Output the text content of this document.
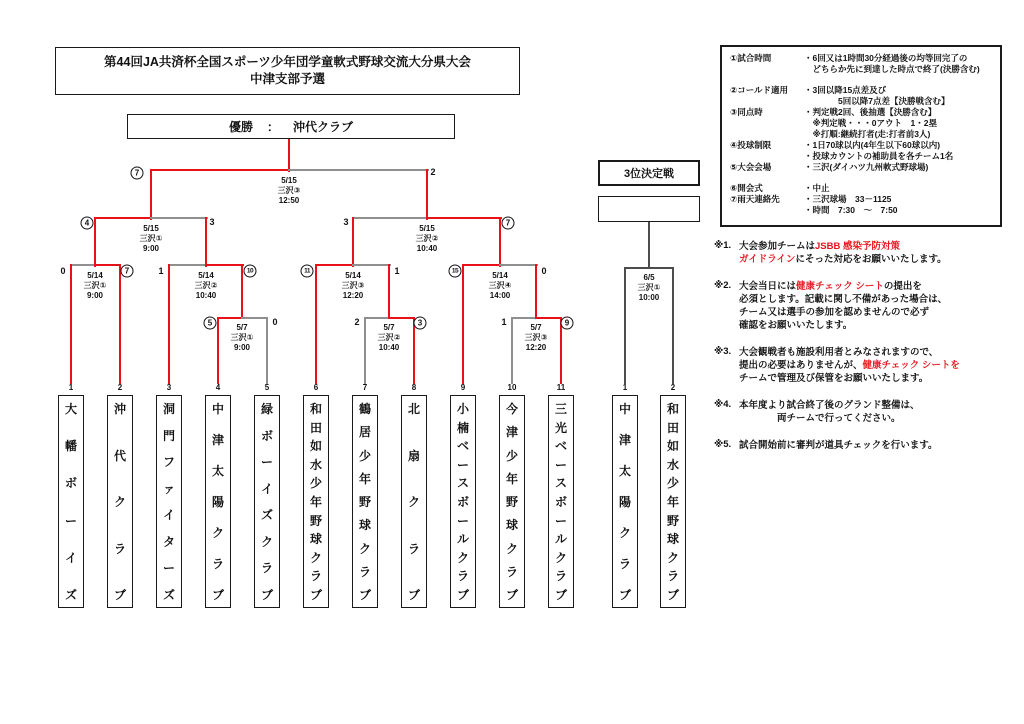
第44回JA共済杯全国スポーツ少年団学童軟式野球交流大分県大会
中津支部予選
優勝 ： 沖代クラブ
3位決定戦
5/15
三沢③
12:50
5/15
三沢①
9:00
5/15
三沢②
10:40
5/14
三沢①
9:00
5/14
三沢②
10:40
5/14
三沢③
12:20
5/14
三沢④
14:00
5/7
三沢①
9:00
5/7
三沢②
10:40
5/7
三沢③
12:20
6/5
三沢①
10:00
7	2
4	3	3	7
0	7	1	10	11	1	15	0
5	0	2	3	1	9
1	2	3	4	5	6	7	8	9	10	11	1	2
大
幡
ボ
ー
イ
ズ
沖
代
ク
ラ
ブ
洞
門
フ
ァ
イ
タ
ー
ズ
中
津
太
陽
ク
ラ
ブ
緑
ボ
ー
イ
ズ
ク
ラ
ブ
和
田
如
水
少
年
野
球
ク
ラ
ブ
鶴
居
少
年
野
球
ク
ラ
ブ
北
扇
ク
ラ
ブ
小
楠
ベ
ー
ス
ボ
ー
ル
ク
ラ
ブ
今
津
少
年
野
球
ク
ラ
ブ
三
光
ベ
ー
ス
ボ
ー
ル
ク
ラ
ブ
中
津
太
陽
ク
ラ
ブ
和
田
如
水
少
年
野
球
ク
ラ
ブ
①試合時間	・6回又は1時間30分経過後の均等回完了の
　どちらか先に到達した時点で終了(決勝含む)
②コールド適用	・3回以降15点差及び
　　　　5回以降7点差【決勝戦含む】
③同点時	・判定戦2回、後抽選【決勝含む】
　※判定戦・・・0アウト　1・2塁
　※打順:継続打者(走:打者前3人)
④投球制限	・1日70球以内(4年生以下60球以内)
・投球カウントの補助員を各チーム1名
⑤大会会場	・三沢(ダイハツ九州軟式野球場)
⑥開会式	・中止
⑦雨天連絡先	・三沢球場　33－1125
・時間　7:30　～　7:50
※1. 大会参加チームはJSBB 感染予防対策
ガイドラインにそった対応をお願いいたします。
※2. 大会当日には健康チェック シートの提出を
必須とします。記載に関し不備があった場合は、
チーム又は選手の参加を認めませんので必ず
確認をお願いいたします。
※3. 大会観戦者も施設利用者とみなされますので、
提出の必要はありませんが、健康チェック シートを
チームで管理及び保管をお願いいたします。
※4. 本年度より試合終了後のグランド整備は、
　　　　両チームで行ってください。
※5. 試合開始前に審判が道具チェックを行います。
